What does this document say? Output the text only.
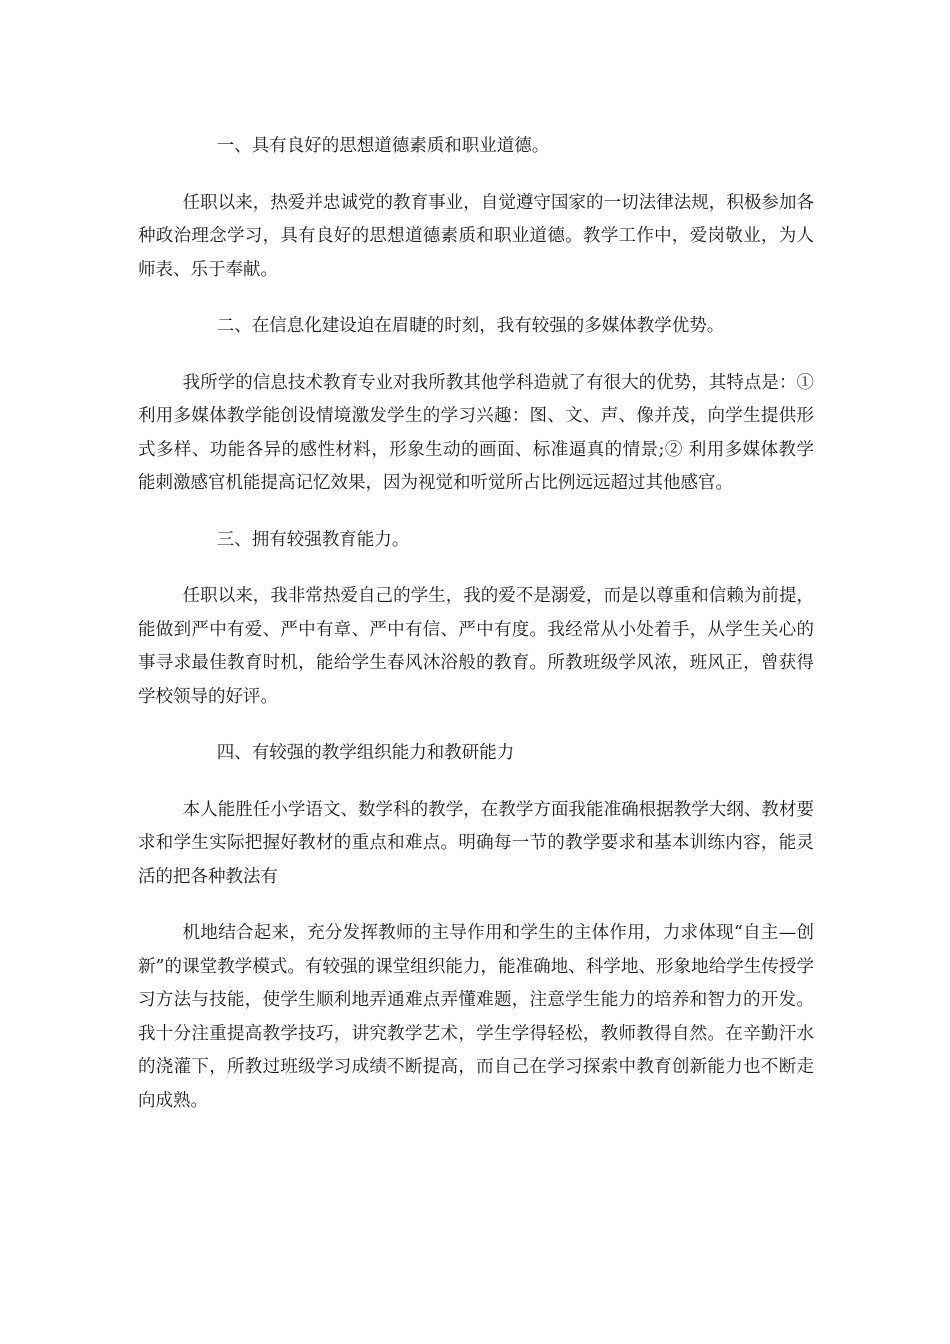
一、具有良好的思想道德素质和职业道德。

任职以来，热爱并忠诚党的教育事业，自觉遵守国家的一切法律法规，积极参加各种政治理念学习，具有良好的思想道德素质和职业道德。教学工作中，爱岗敬业，为人师表、乐于奉献。

二、在信息化建设迫在眉睫的时刻，我有较强的多媒体教学优势。

我所学的信息技术教育专业对我所教其他学科造就了有很大的优势，其特点是：①利用多媒体教学能创设情境激发学生的学习兴趣：图、文、声、像并茂，向学生提供形式多样、功能各异的感性材料，形象生动的画面、标准逼真的情景;② 利用多媒体教学能刺激感官机能提高记忆效果，因为视觉和听觉所占比例远远超过其他感官。

三、拥有较强教育能力。

任职以来，我非常热爱自己的学生，我的爱不是溺爱，而是以尊重和信赖为前提，能做到严中有爱、严中有章、严中有信、严中有度。我经常从小处着手，从学生关心的事寻求最佳教育时机，能给学生春风沐浴般的教育。所教班级学风浓，班风正，曾获得学校领导的好评。

四、有较强的教学组织能力和教研能力

本人能胜任小学语文、数学科的教学，在教学方面我能准确根据教学大纲、教材要求和学生实际把握好教材的重点和难点。明确每一节的教学要求和基本训练内容，能灵活的把各种教法有

机地结合起来，充分发挥教师的主导作用和学生的主体作用，力求体现“自主—创新”的课堂教学模式。有较强的课堂组织能力，能准确地、科学地、形象地给学生传授学习方法与技能，使学生顺利地弄通难点弄懂难题，注意学生能力的培养和智力的开发。我十分注重提高教学技巧，讲究教学艺术，学生学得轻松，教师教得自然。在辛勤汗水的浇灌下，所教过班级学习成绩不断提高，而自己在学习探索中教育创新能力也不断走向成熟。
